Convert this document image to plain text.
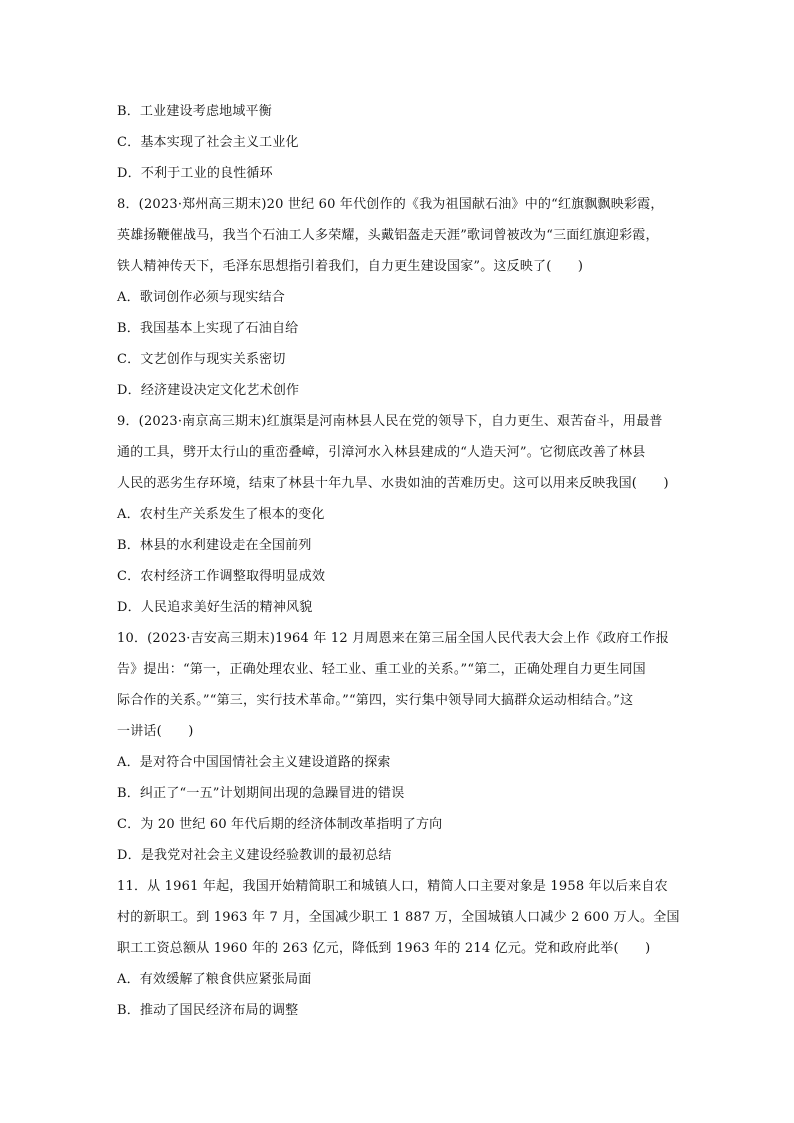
B．工业建设考虑地域平衡
C．基本实现了社会主义工业化
D．不利于工业的良性循环
8．(2023·郑州高三期末)20 世纪 60 年代创作的《我为祖国献石油》中的“红旗飘飘映彩霞，
英雄扬鞭催战马，我当个石油工人多荣耀，头戴铝盔走天涯”歌词曾被改为“三面红旗迎彩霞，
铁人精神传天下，毛泽东思想指引着我们，自力更生建设国家”。这反映了(　　)
A．歌词创作必须与现实结合
B．我国基本上实现了石油自给
C．文艺创作与现实关系密切
D．经济建设决定文化艺术创作
9．(2023·南京高三期末)红旗渠是河南林县人民在党的领导下，自力更生、艰苦奋斗，用最普
通的工具，劈开太行山的重峦叠嶂，引漳河水入林县建成的“人造天河”。它彻底改善了林县
人民的恶劣生存环境，结束了林县十年九旱、水贵如油的苦难历史。这可以用来反映我国(　　)
A．农村生产关系发生了根本的变化
B．林县的水利建设走在全国前列
C．农村经济工作调整取得明显成效
D．人民追求美好生活的精神风貌
10．(2023·吉安高三期末)1964 年 12 月周恩来在第三届全国人民代表大会上作《政府工作报
告》提出：“第一，正确处理农业、轻工业、重工业的关系。”“第二，正确处理自力更生同国
际合作的关系。”“第三，实行技术革命。”“第四，实行集中领导同大搞群众运动相结合。”这
一讲话(　　)
A．是对符合中国国情社会主义建设道路的探索
B．纠正了“一五”计划期间出现的急躁冒进的错误
C．为 20 世纪 60 年代后期的经济体制改革指明了方向
D．是我党对社会主义建设经验教训的最初总结
11．从 1961 年起，我国开始精简职工和城镇人口，精简人口主要对象是 1958 年以后来自农
村的新职工。到 1963 年 7 月，全国减少职工 1 887 万，全国城镇人口减少 2 600 万人。全国
职工工资总额从 1960 年的 263 亿元，降低到 1963 年的 214 亿元。党和政府此举(　　)
A．有效缓解了粮食供应紧张局面
B．推动了国民经济布局的调整
